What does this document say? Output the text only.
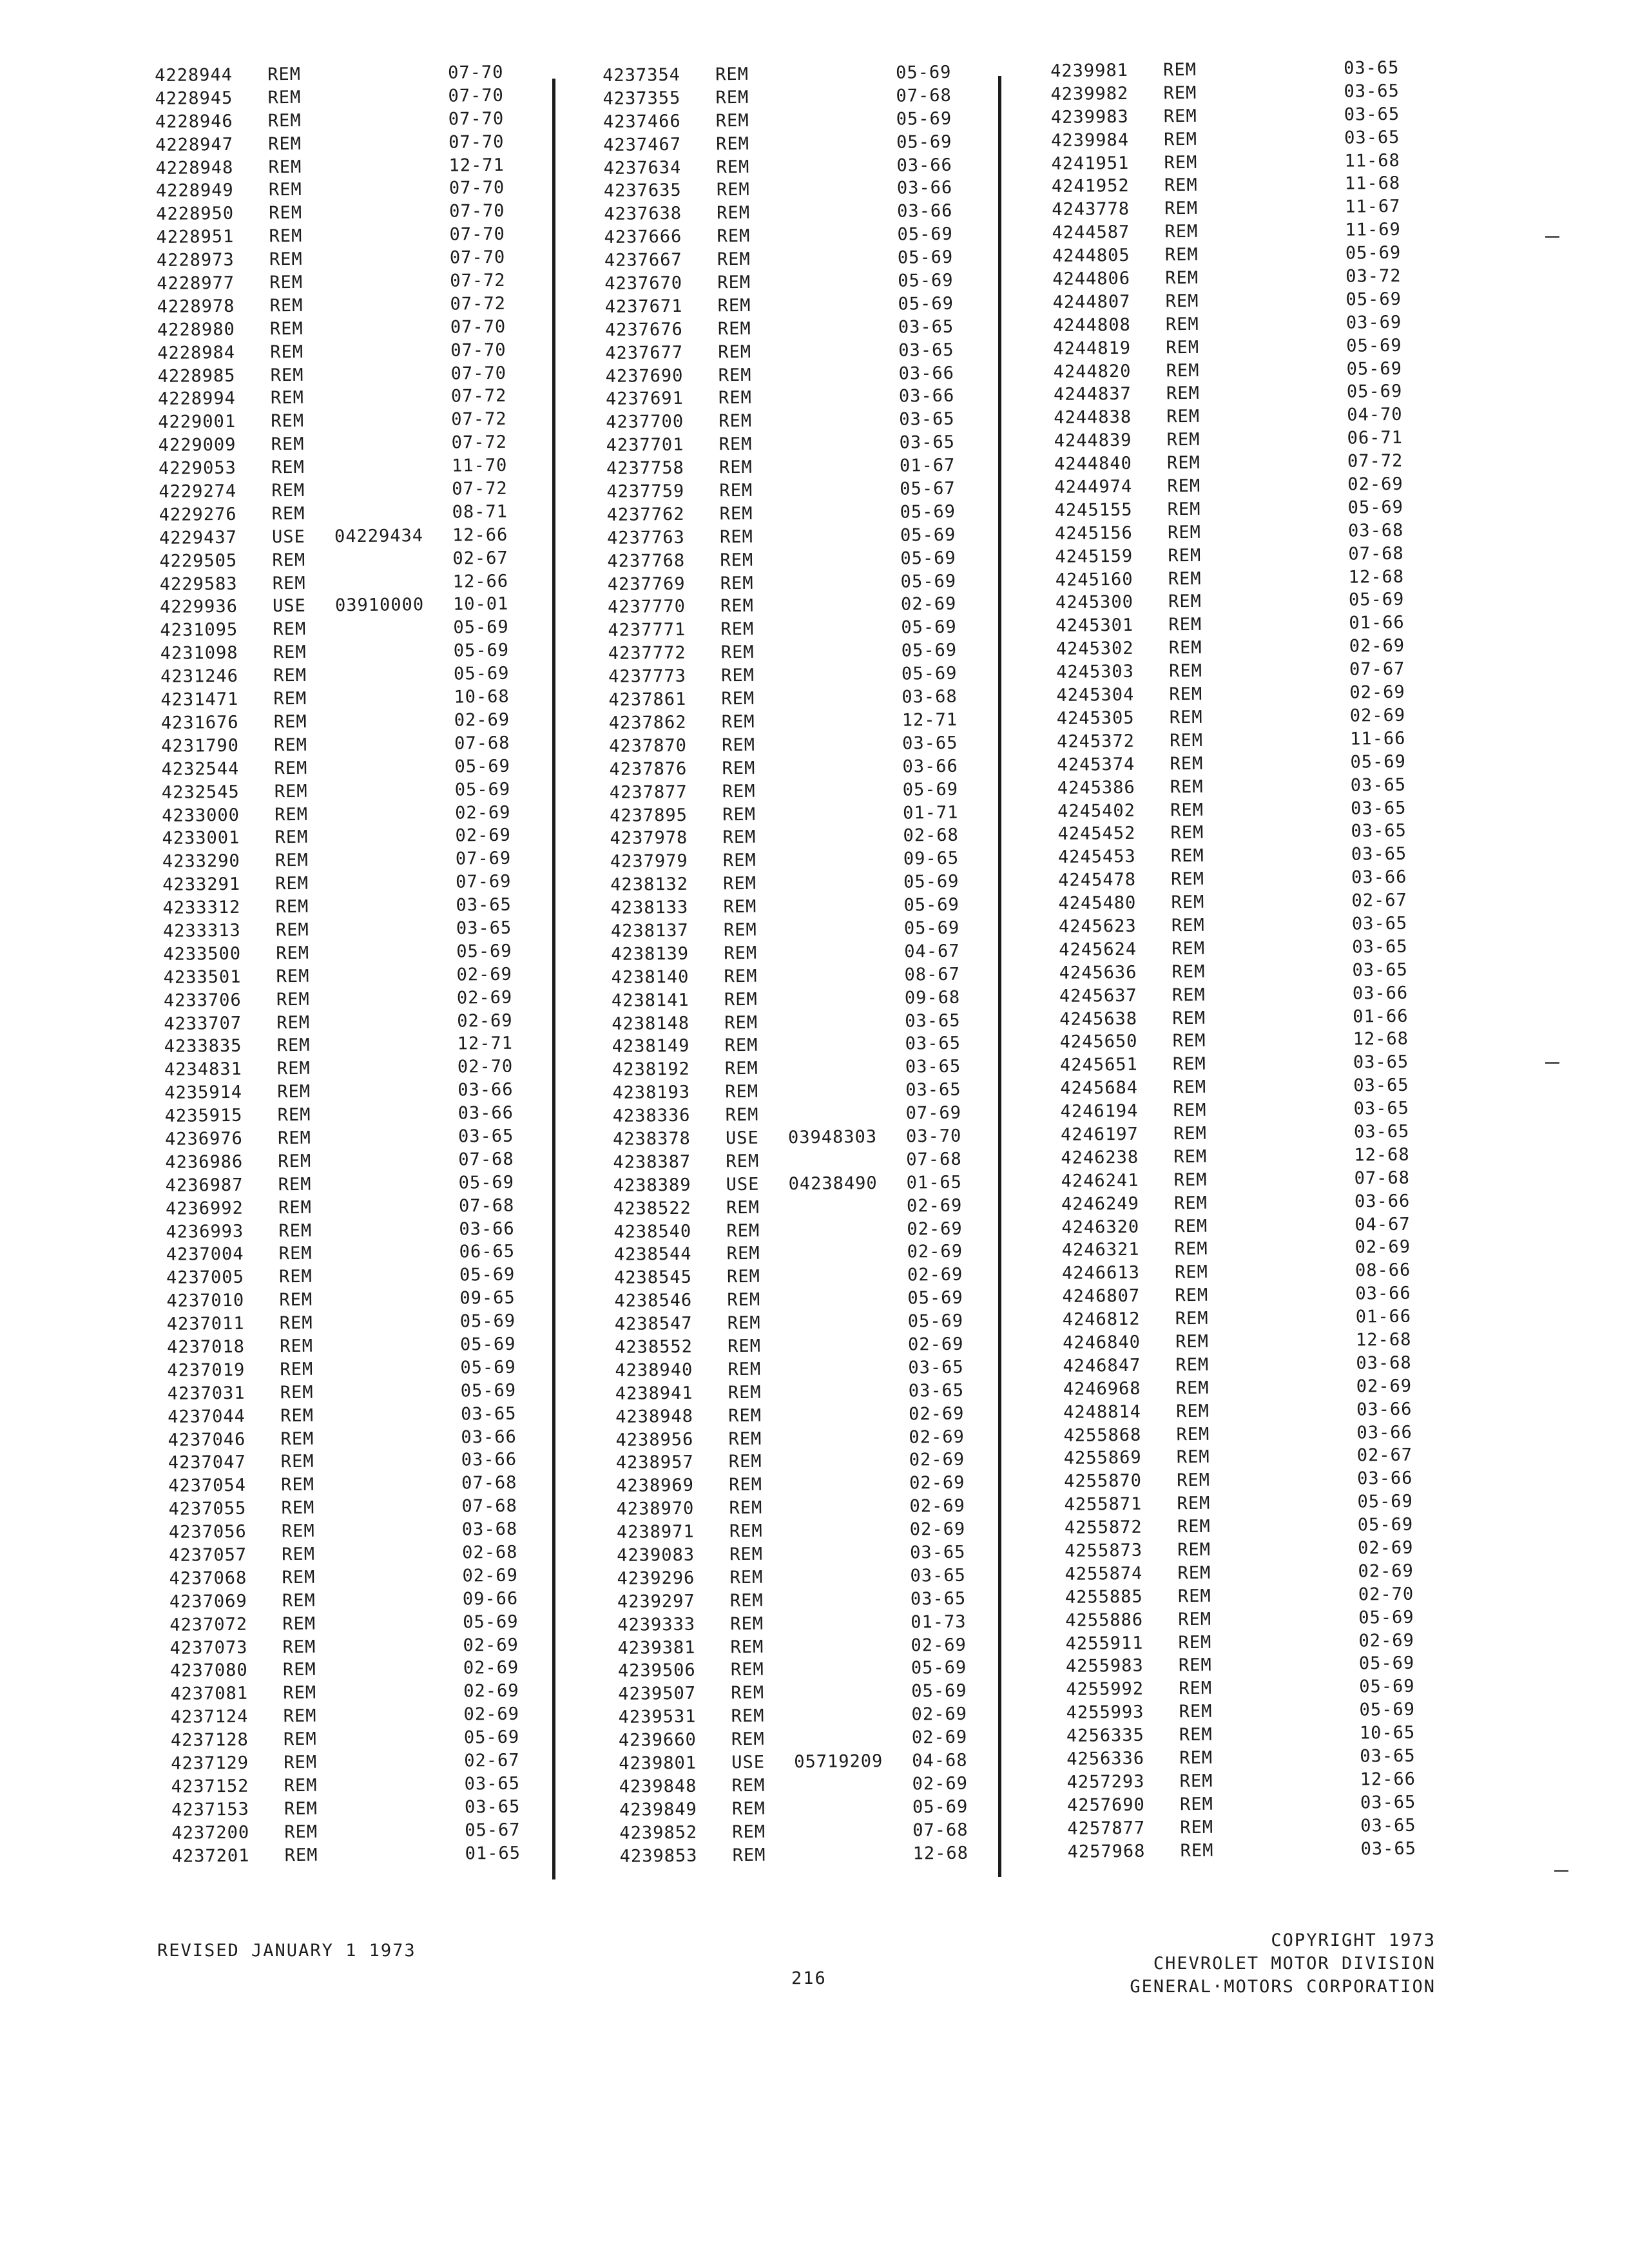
4228944 REM	07-70
4228945 REM	07-70
4228946 REM	07-70
4228947 REM	07-70
4228948 REM	12-71
4228949 REM	07-70
4228950 REM	07-70
4228951 REM	07-70
4228973 REM	07-70
4228977 REM	07-72
4228978 REM	07-72
4228980 REM	07-70
4228984 REM	07-70
4228985 REM	07-70
4228994 REM	07-72
4229001 REM	07-72
4229009 REM	07-72
4229053 REM	11-70
4229274 REM	07-72
4229276 REM	08-71
4229437 USE 04229434 12-66
4229505 REM	02-67
4229583 REM	12-66
4229936 USE 03910000 10-01
4231095 REM	05-69
4231098 REM	05-69
4231246 REM	05-69
4231471 REM	10-68
4231676 REM	02-69
4231790 REM	07-68
4232544 REM	05-69
4232545 REM	05-69
4233000 REM	02-69
4233001 REM	02-69
4233290 REM	07-69
4233291 REM	07-69
4233312 REM	03-65
4233313 REM	03-65
4233500 REM	05-69
4233501 REM	02-69
4233706 REM	02-69
4233707 REM	02-69
4233835 REM	12-71
4234831 REM	02-70
4235914 REM	03-66
4235915 REM	03-66
4236976 REM	03-65
4236986 REM	07-68
4236987 REM	05-69
4236992 REM	07-68
4236993 REM	03-66
4237004 REM	06-65
4237005 REM	05-69
4237010 REM	09-65
4237011 REM	05-69
4237018 REM	05-69
4237019 REM	05-69
4237031 REM	05-69
4237044 REM	03-65
4237046 REM	03-66
4237047 REM	03-66
4237054 REM	07-68
4237055 REM	07-68
4237056 REM	03-68
4237057 REM	02-68
4237068 REM	02-69
4237069 REM	09-66
4237072 REM	05-69
4237073 REM	02-69
4237080 REM	02-69
4237081 REM	02-69
4237124 REM	02-69
4237128 REM	05-69
4237129 REM	02-67
4237152 REM	03-65
4237153 REM	03-65
4237200 REM	05-67
4237201 REM	01-65
4237354 REM	05-69
4237355 REM	07-68
4237466 REM	05-69
4237467 REM	05-69
4237634 REM	03-66
4237635 REM	03-66
4237638 REM	03-66
4237666 REM	05-69
4237667 REM	05-69
4237670 REM	05-69
4237671 REM	05-69
4237676 REM	03-65
4237677 REM	03-65
4237690 REM	03-66
4237691 REM	03-66
4237700 REM	03-65
4237701 REM	03-65
4237758 REM	01-67
4237759 REM	05-67
4237762 REM	05-69
4237763 REM	05-69
4237768 REM	05-69
4237769 REM	05-69
4237770 REM	02-69
4237771 REM	05-69
4237772 REM	05-69
4237773 REM	05-69
4237861 REM	03-68
4237862 REM	12-71
4237870 REM	03-65
4237876 REM	03-66
4237877 REM	05-69
4237895 REM	01-71
4237978 REM	02-68
4237979 REM	09-65
4238132 REM	05-69
4238133 REM	05-69
4238137 REM	05-69
4238139 REM	04-67
4238140 REM	08-67
4238141 REM	09-68
4238148 REM	03-65
4238149 REM	03-65
4238192 REM	03-65
4238193 REM	03-65
4238336 REM	07-69
4238378 USE 03948303 03-70
4238387 REM	07-68
4238389 USE 04238490 01-65
4238522 REM	02-69
4238540 REM	02-69
4238544 REM	02-69
4238545 REM	02-69
4238546 REM	05-69
4238547 REM	05-69
4238552 REM	02-69
4238940 REM	03-65
4238941 REM	03-65
4238948 REM	02-69
4238956 REM	02-69
4238957 REM	02-69
4238969 REM	02-69
4238970 REM	02-69
4238971 REM	02-69
4239083 REM	03-65
4239296 REM	03-65
4239297 REM	03-65
4239333 REM	01-73
4239381 REM	02-69
4239506 REM	05-69
4239507 REM	05-69
4239531 REM	02-69
4239660 REM	02-69
4239801 USE 05719209 04-68
4239848 REM	02-69
4239849 REM	05-69
4239852 REM	07-68
4239853 REM	12-68
4239981 REM	03-65
4239982 REM	03-65
4239983 REM	03-65
4239984 REM	03-65
4241951 REM	11-68
4241952 REM	11-68
4243778 REM	11-67
4244587 REM	11-69
4244805 REM	05-69
4244806 REM	03-72
4244807 REM	05-69
4244808 REM	03-69
4244819 REM	05-69
4244820 REM	05-69
4244837 REM	05-69
4244838 REM	04-70
4244839 REM	06-71
4244840 REM	07-72
4244974 REM	02-69
4245155 REM	05-69
4245156 REM	03-68
4245159 REM	07-68
4245160 REM	12-68
4245300 REM	05-69
4245301 REM	01-66
4245302 REM	02-69
4245303 REM	07-67
4245304 REM	02-69
4245305 REM	02-69
4245372 REM	11-66
4245374 REM	05-69
4245386 REM	03-65
4245402 REM	03-65
4245452 REM	03-65
4245453 REM	03-65
4245478 REM	03-66
4245480 REM	02-67
4245623 REM	03-65
4245624 REM	03-65
4245636 REM	03-65
4245637 REM	03-66
4245638 REM	01-66
4245650 REM	12-68
4245651 REM	03-65
4245684 REM	03-65
4246194 REM	03-65
4246197 REM	03-65
4246238 REM	12-68
4246241 REM	07-68
4246249 REM	03-66
4246320 REM	04-67
4246321 REM	02-69
4246613 REM	08-66
4246807 REM	03-66
4246812 REM	01-66
4246840 REM	12-68
4246847 REM	03-68
4246968 REM	02-69
4248814 REM	03-66
4255868 REM	03-66
4255869 REM	02-67
4255870 REM	03-66
4255871 REM	05-69
4255872 REM	05-69
4255873 REM	02-69
4255874 REM	02-69
4255885 REM	02-70
4255886 REM	05-69
4255911 REM	02-69
4255983 REM	05-69
4255992 REM	05-69
4255993 REM	05-69
4256335 REM	10-65
4256336 REM	03-65
4257293 REM	12-66
4257690 REM	03-65
4257877 REM	03-65
4257968 REM	03-65
REVISED JANUARY 1 1973
216
COPYRIGHT 1973
CHEVROLET MOTOR DIVISION
GENERAL·MOTORS CORPORATION
